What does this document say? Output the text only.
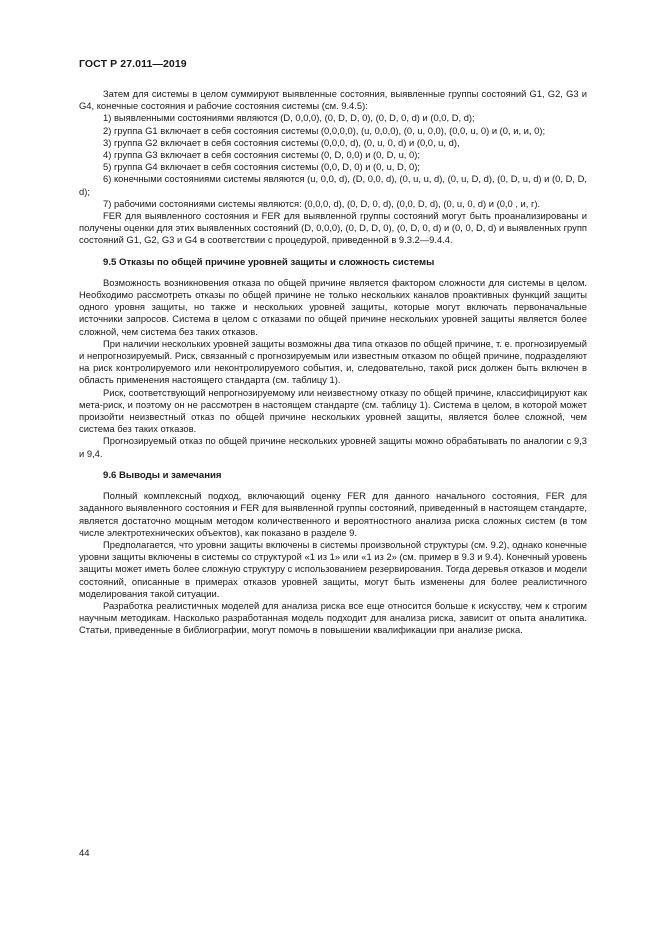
ГОСТ Р 27.011—2019

Затем для системы в целом суммируют выявленные состояния, выявленные группы состояний G1, G2, G3 и G4, конечные состояния и рабочие состояния системы (см. 9.4.5):

1) выявленными состояниями являются (D, 0,0,0), (0, D, D, 0), (0, D, 0, d) и (0,0, D, d);

2) группа G1 включает в себя состояния системы (0,0,0,0), (u, 0,0,0), (0, u, 0,0), (0,0, u, 0) и (0, и, и, 0);

3) группа G2 включает в себя состояния системы (0,0,0, d), (0, u, 0, d) и (0,0, u, d),

4) группа G3 включает в себя состояния системы (0, D, 0,0) и (0, D, u, 0);

5) группа G4 включает в себя состояния системы (0,0, D, 0) и (0, u, D, 0);

6) конечными состояниями системы являются (u, 0,0, d), (D, 0,0, d), (0, u, u, d), (0, u, D, d), (0, D, u, d) и (0, D, D, d);

7) рабочими состояниями системы являются: (0,0,0, d), (0, D, 0, d), (0,0, D, d), (0, u, 0, d) и (0,0 , и, г).

FER для выявленного состояния и FER для выявленной группы состояний могут быть проанализированы и получены оценки для этих выявленных состояний (D, 0,0,0), (0, D, D, 0), (0, D, 0, d) и (0, 0, D, d) и выявленных групп состояний G1, G2, G3 и G4 в соответствии с процедурой, приведенной в 9.3.2—9.4.4.

9.5 Отказы по общей причине уровней защиты и сложность системы

Возможность возникновения отказа по общей причине является фактором сложности для системы в целом. Необходимо рассмотреть отказы по общей причине не только нескольких каналов проактивных функций защиты одного уровня защиты, но также и нескольких уровней защиты, которые могут включать первоначальные источники запросов. Система в целом с отказами по общей причине нескольких уровней защиты является более сложной, чем система без таких отказов.

При наличии нескольких уровней защиты возможны два типа отказов по общей причине, т. е. прогнозируемый и непрогнозируемый. Риск, связанный с прогнозируемым или известным отказом по общей причине, подразделяют на риск контролируемого или неконтролируемого события, и, следовательно, такой риск должен быть включен в область применения настоящего стандарта (см. таблицу 1).

Риск, соответствующий непрогнозируемому или неизвестному отказу по общей причине, классифицируют как мета-риск, и поэтому он не рассмотрен в настоящем стандарте (см. таблицу 1). Система в целом, в которой может произойти неизвестный отказ по общей причине нескольких уровней защиты, является более сложной, чем система без таких отказов.

Прогнозируемый отказ по общей причине нескольких уровней защиты можно обрабатывать по аналогии с 9,3 и 9,4.

9.6 Выводы и замечания

Полный комплексный подход, включающий оценку FER для данного начального состояния, FER для заданного выявленного состояния и FER для выявленной группы состояний, приведенный в настоящем стандарте, является достаточно мощным методом количественного и вероятностного анализа риска сложных систем (в том числе электротехнических объектов), как показано в разделе 9.

Предполагается, что уровни защиты включены в системы произвольной структуры (см. 9.2), однако конечные уровни защиты включены в системы со структурой «1 из 1» или «1 из 2» (см. пример в 9.3 и 9.4). Конечный уровень защиты может иметь более сложную структуру с использованием резервирования. Тогда деревья отказов и модели состояний, описанные в примерах отказов уровней защиты, могут быть изменены для более реалистичного моделирования такой ситуации.

Разработка реалистичных моделей для анализа риска все еще относится больше к искусству, чем к строгим научным методикам. Насколько разработанная модель подходит для анализа риска, зависит от опыта аналитика. Статьи, приведенные в библиографии, могут помочь в повышении квалификации при анализе риска.

44
